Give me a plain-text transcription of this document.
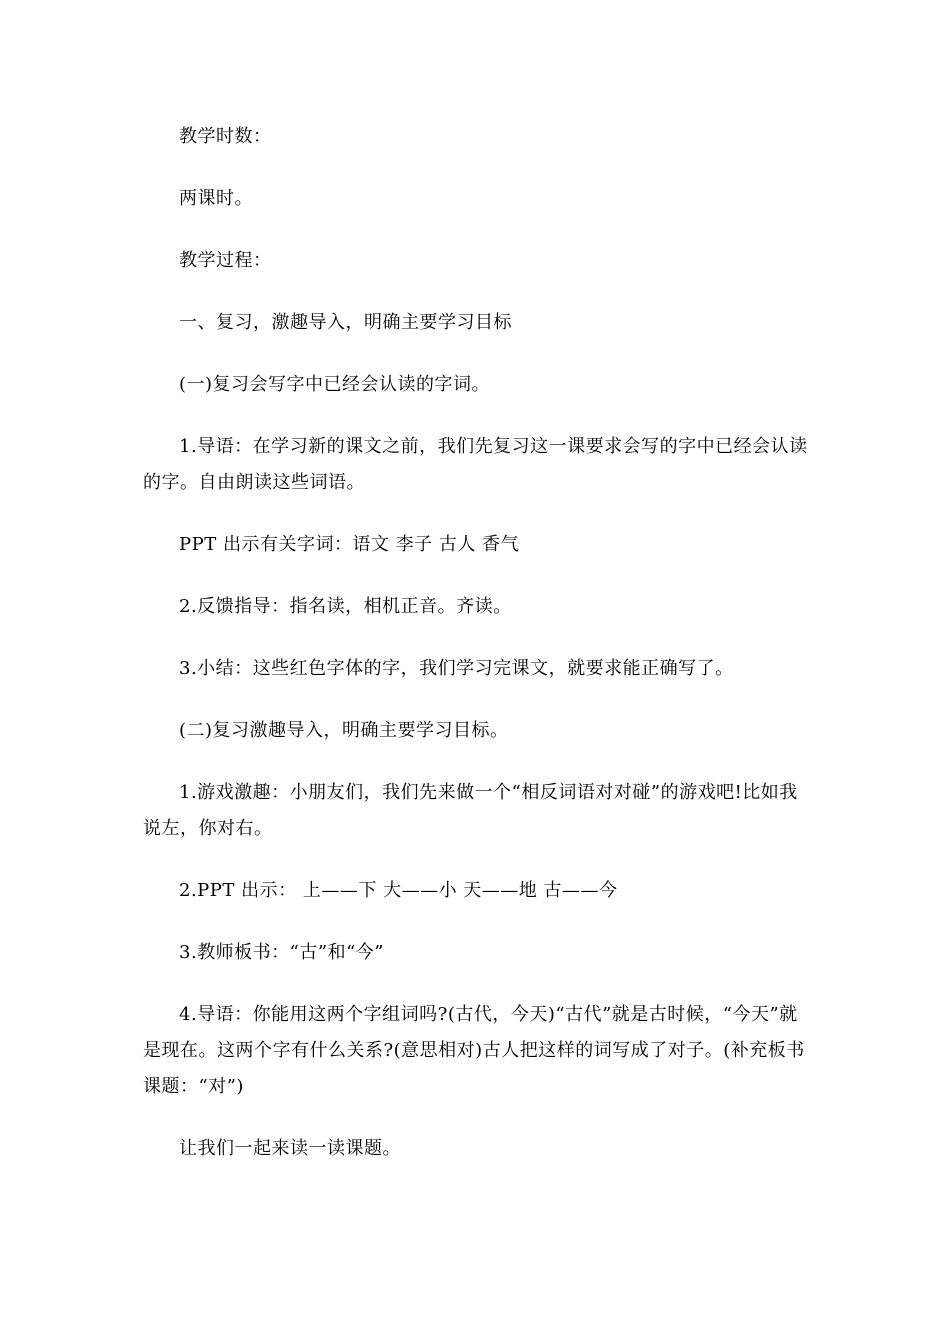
教学时数：

两课时。

教学过程：

一、复习，激趣导入，明确主要学习目标

(一)复习会写字中已经会认读的字词。

1.导语：在学习新的课文之前，我们先复习这一课要求会写的字中已经会认读的字。自由朗读这些词语。

PPT 出示有关字词：语文 李子 古人 香气

2.反馈指导：指名读，相机正音。齐读。

3.小结：这些红色字体的字，我们学习完课文，就要求能正确写了。

(二)复习激趣导入，明确主要学习目标。

1.游戏激趣：小朋友们，我们先来做一个“相反词语对对碰”的游戏吧!比如我说左，你对右。

2.PPT 出示： 上——下 大——小 天——地 古——今

3.教师板书：“古”和“今”

4.导语：你能用这两个字组词吗?(古代，今天)“古代”就是古时候，“今天”就是现在。这两个字有什么关系?(意思相对)古人把这样的词写成了对子。(补充板书课题：“对”)

让我们一起来读一读课题。
